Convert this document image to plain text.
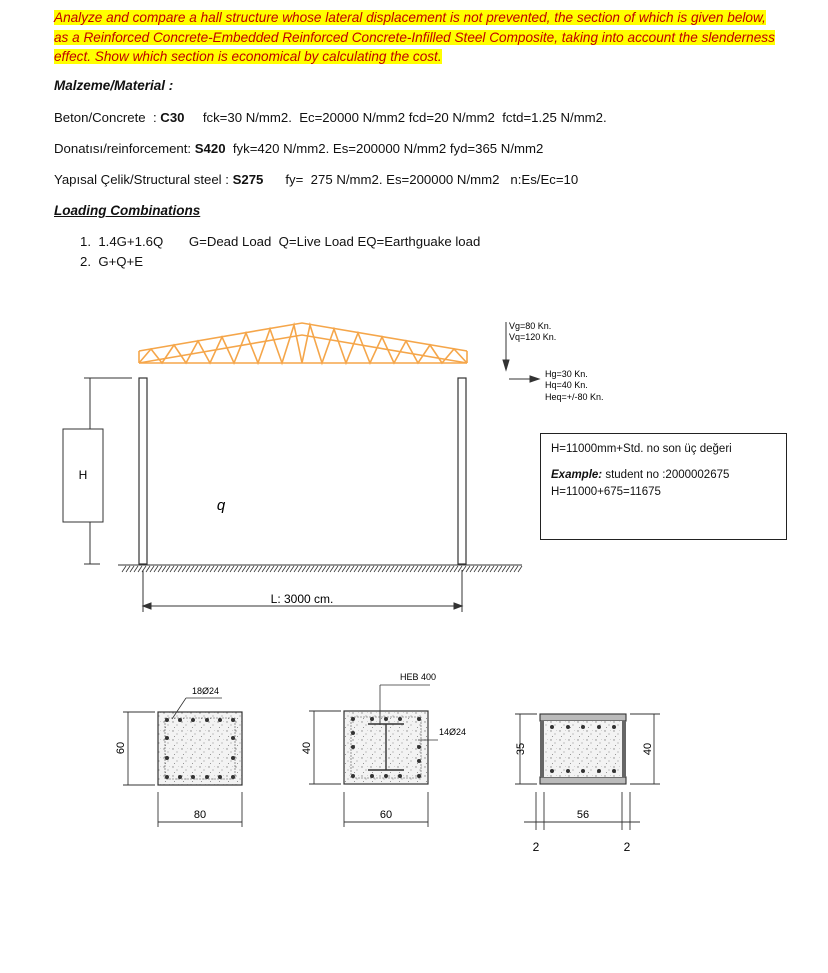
Analyze and compare a hall structure whose lateral displacement is not prevented, the section of which is given below, as a Reinforced Concrete-Embedded Reinforced Concrete-Infilled Steel Composite, taking into account the slenderness effect. Show which section is economical by calculating the cost.
Malzeme/Material :
Beton/Concrete  : C30     fck=30 N/mm2.  Ec=20000 N/mm2 fcd=20 N/mm2  fctd=1.25 N/mm2.
Donatısı/reinforcement: S420  fyk=420 N/mm2. Es=200000 N/mm2 fyd=365 N/mm2
Yapısal Çelik/Structural steel : S275      fy=  275 N/mm2. Es=200000 N/mm2   n:Es/Ec=10
Loading Combinations
1. 1.4G+1.6Q       G=Dead Load  Q=Live Load EQ=Earthguake load
2. G+Q+E
H
q
L: 3000 cm.
Vg=80 Kn.
Vq=120 Kn.
Hg=30 Kn.
Hq=40 Kn.
Heq=+/-80 Kn.
H=11000mm+Std. no son üç değeri
Example: student no :2000002675
H=11000+675=11675
18Ø24
60
80
HEB 400
14Ø24
40
60
35	40
56
2	2
